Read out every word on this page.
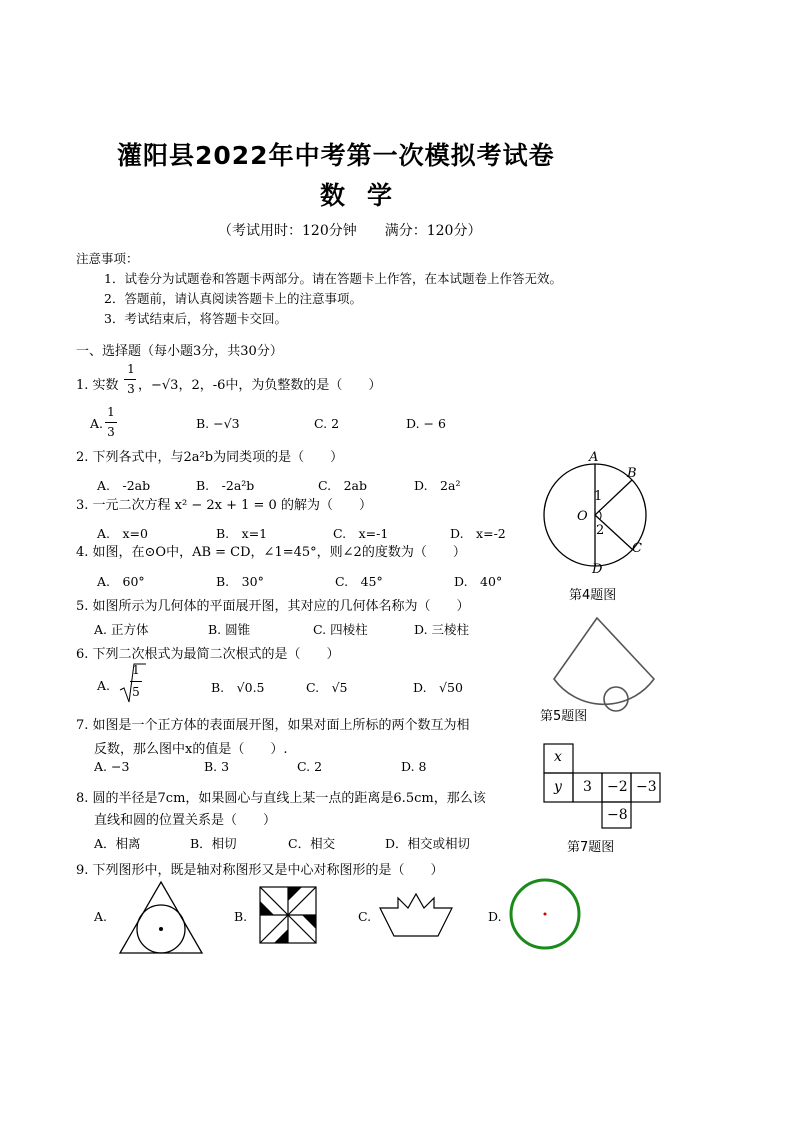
灌阳县2022年中考第一次模拟考试卷
数学
（考试用时：120分钟　　满分：120分）
注意事项：
1．试卷分为试题卷和答题卡两部分。请在答题卡上作答，在本试题卷上作答无效。
2．答题前，请认真阅读答题卡上的注意事项。
3．考试结束后，将答题卡交回。
一、选择题（每小题3分，共30分）
1. 实数
1
3 ，−√3，2，-6中，为负整数的是（　　）
A.
1
3
B. −√3	C. 2	D. − 6
2. 下列各式中，与2a²b为同类项的是（　　）
A.　-2ab	B.　-2a²b	C.　2ab	D.　2a²
3. 一元二次方程 x² − 2x + 1 = 0 的解为（　　）
A.　x=0	B.　x=1	C.　x=-1	D.　x=-2
4. 如图，在⊙O中，AB = CD，∠1=45°，则∠2的度数为（　　）
A.　60°	B.　30°	C.　45°	D.　40°
5. 如图所示为几何体的平面展开图，其对应的几何体名称为（　　）
A. 正方体	B. 圆锥	C. 四棱柱	D. 三棱柱
6. 下列二次根式为最简二次根式的是（　　）
A.
1
5	B.　√0.5	C.　√5	D.　√50
7. 如图是一个正方体的表面展开图，如果对面上所标的两个数互为相
反数，那么图中x的值是（　　）.
A. −3	B. 3	C. 2	D. 8
8. 圆的半径是7cm，如果圆心与直线上某一点的距离是6.5cm，那么该
直线和圆的位置关系是（　　）
A．相离	B．相切	C．相交	D．相交或相切
9. 下列图形中，既是轴对称图形又是中心对称图形的是（　　）
A.	B.	C.	D.
A
B
C
D
O
1
2
第4题图
第5题图
x
y 3 −2 −3
−8
第7题图
